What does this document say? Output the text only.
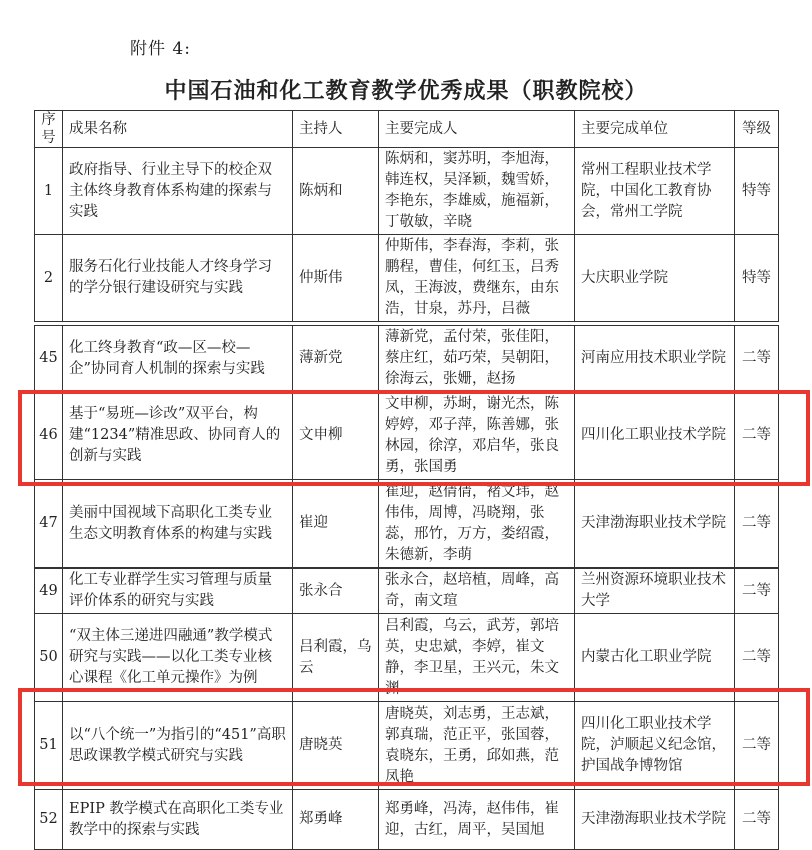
附件 4:
中国石油和化工教育教学优秀成果（职教院校）
序号	成果名称	主持人	主要完成人	主要完成单位	等级
1	政府指导、行业主导下的校企双主体终身教育体系构建的探索与实践	陈炳和	陈炳和，窦苏明，李旭海，韩连权，吴泽颖，魏雪娇，李艳东，李雄威，施福新，丁敬敏，辛晓	常州工程职业技术学院，中国化工教育协会，常州工学院	特等
2	服务石化行业技能人才终身学习的学分银行建设研究与实践	仲斯伟	仲斯伟，李春海，李莉，张鹏程，曹佳，何红玉，吕秀凤，王海波，费继东，由东浩，甘泉，苏丹，吕薇	大庆职业学院	特等
45	化工终身教育“政—区—校—企”协同育人机制的探索与实践	薄新党	薄新党，孟付荣，张佳阳，蔡庄红，茹巧荣，吴朝阳，徐海云，张姗，赵扬	河南应用技术职业学院	二等
46	基于“易班—诊改”双平台，构建“1234”精准思政、协同育人的创新与实践	文申柳	文申柳，苏埘，谢光杰，陈婷婷，邓子萍，陈善娜，张林园，徐淳，邓启华，张良勇，张国勇	四川化工职业技术学院	二等
47	美丽中国视域下高职化工类专业生态文明教育体系的构建与实践	崔迎	崔迎，赵倩倩，褚文玮，赵伟伟，周博，冯晓翔，张蕊，邢竹，万方，娄绍霞，朱德新，李萌	天津渤海职业技术学院	二等
49	化工专业群学生实习管理与质量评价体系的研究与实践	张永合	张永合，赵培植，周峰，高奇，南文瑄	兰州资源环境职业技术大学	二等
50	“双主体三递进四融通”教学模式研究与实践——以化工类专业核心课程《化工单元操作》为例	吕利霞，乌云	吕利霞，乌云，武芳，郭培英，史忠斌，李婷，崔文静，李卫星，王兴元，朱文渊	内蒙古化工职业学院	二等
51	以“八个统一”为指引的“451”高职思政课教学模式研究与实践	唐晓英	唐晓英，刘志勇，王志斌，郭真瑞，范正平，张国蓉，袁晓东，王勇，邱如燕，范凤艳	四川化工职业技术学院，泸顺起义纪念馆，护国战争博物馆	二等
52	EPIP 教学模式在高职化工类专业教学中的探索与实践	郑勇峰	郑勇峰，冯涛，赵伟伟，崔迎，古红，周平，吴国旭	天津渤海职业技术学院	二等
